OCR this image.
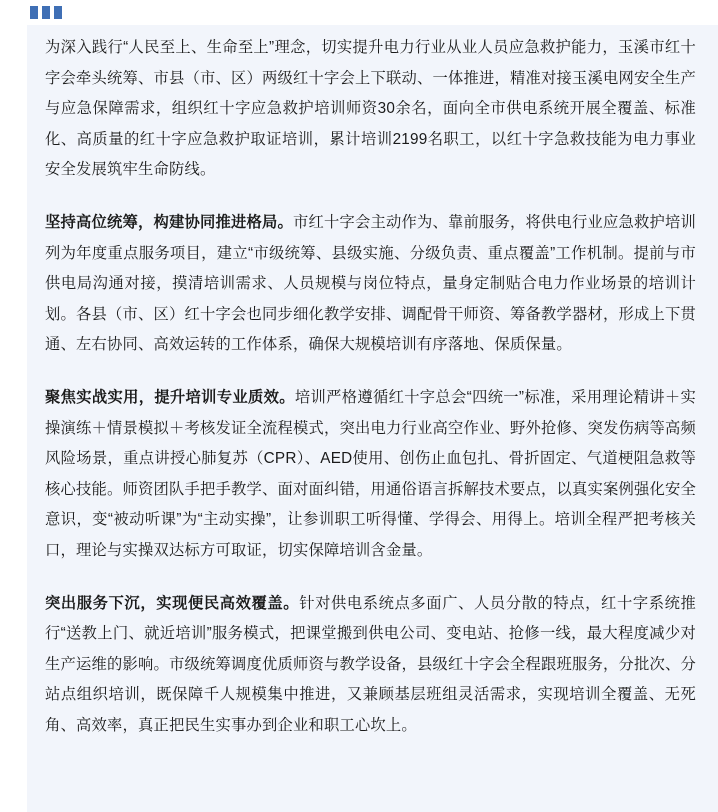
为深入践行“人民至上、生命至上”理念，切实提升电力行业从业人员应急救护能力，玉溪市红十字会牵头统筹、市县（市、区）两级红十字会上下联动、一体推进，精准对接玉溪电网安全生产与应急保障需求，组织红十字应急救护培训师资30余名，面向全市供电系统开展全覆盖、标准化、高质量的红十字应急救护取证培训，累计培训2199名职工，以红十字急救技能为电力事业安全发展筑牢生命防线。

坚持高位统筹，构建协同推进格局。市红十字会主动作为、靠前服务，将供电行业应急救护培训列为年度重点服务项目，建立“市级统筹、县级实施、分级负责、重点覆盖”工作机制。提前与市供电局沟通对接，摸清培训需求、人员规模与岗位特点，量身定制贴合电力作业场景的培训计划。各县（市、区）红十字会也同步细化教学安排、调配骨干师资、筹备教学器材，形成上下贯通、左右协同、高效运转的工作体系，确保大规模培训有序落地、保质保量。

聚焦实战实用，提升培训专业质效。培训严格遵循红十字总会“四统一”标准，采用理论精讲＋实操演练＋情景模拟＋考核发证全流程模式，突出电力行业高空作业、野外抢修、突发伤病等高频风险场景，重点讲授心肺复苏（CPR）、AED使用、创伤止血包扎、骨折固定、气道梗阻急救等核心技能。师资团队手把手教学、面对面纠错，用通俗语言拆解技术要点，以真实案例强化安全意识，变“被动听课”为“主动实操”，让参训职工听得懂、学得会、用得上。培训全程严把考核关口，理论与实操双达标方可取证，切实保障培训含金量。

突出服务下沉，实现便民高效覆盖。针对供电系统点多面广、人员分散的特点，红十字系统推行“送教上门、就近培训”服务模式，把课堂搬到供电公司、变电站、抢修一线，最大程度减少对生产运维的影响。市级统筹调度优质师资与教学设备，县级红十字会全程跟班服务，分批次、分站点组织培训，既保障千人规模集中推进，又兼顾基层班组灵活需求，实现培训全覆盖、无死角、高效率，真正把民生实事办到企业和职工心坎上。
